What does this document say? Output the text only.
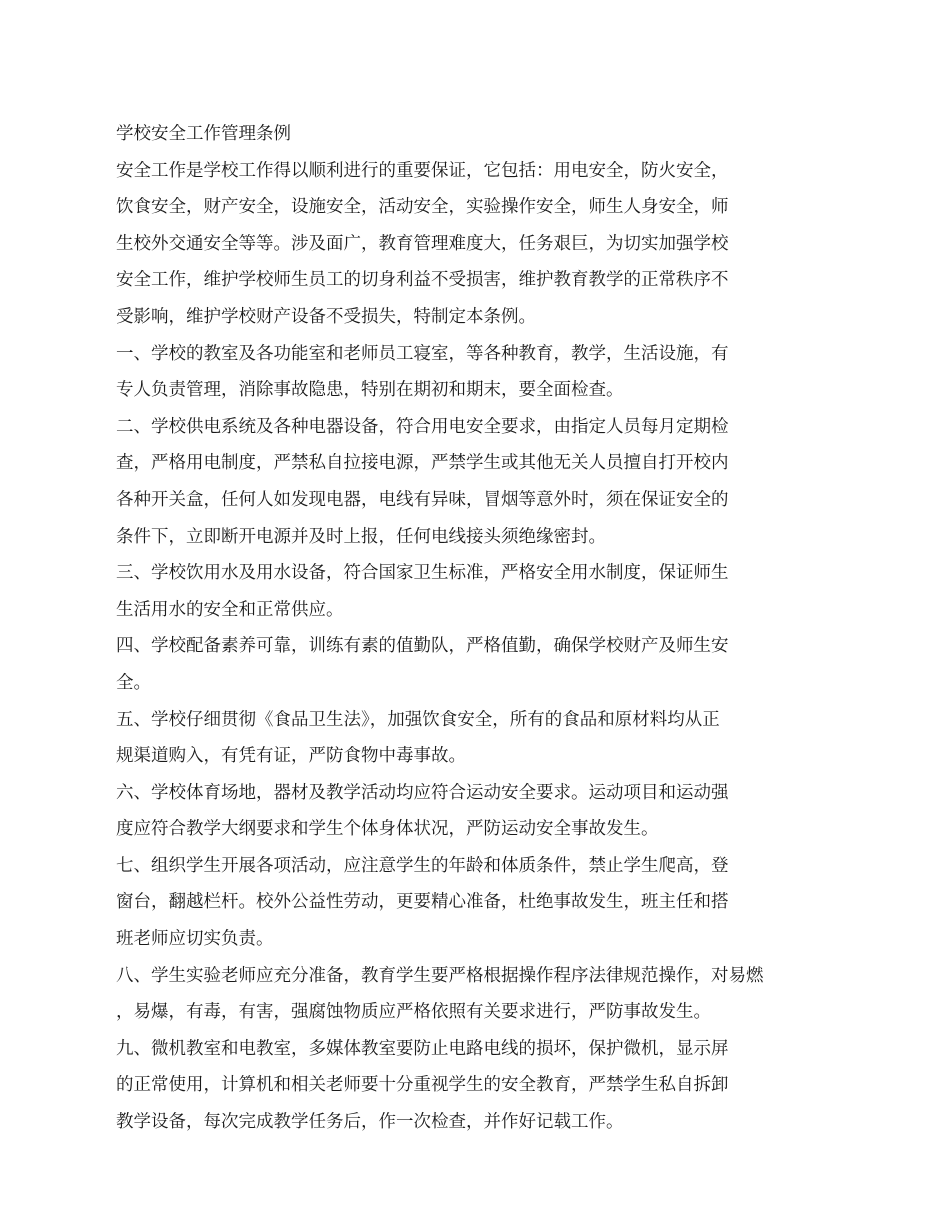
学校安全工作管理条例
安全工作是学校工作得以顺利进行的重要保证，它包括：用电安全，防火安全，
饮食安全，财产安全，设施安全，活动安全，实验操作安全，师生人身安全，师
生校外交通安全等等。涉及面广，教育管理难度大，任务艰巨，为切实加强学校
安全工作，维护学校师生员工的切身利益不受损害，维护教育教学的正常秩序不
受影响，维护学校财产设备不受损失，特制定本条例。
一、学校的教室及各功能室和老师员工寝室，等各种教育，教学，生活设施，有
专人负责管理，消除事故隐患，特别在期初和期末，要全面检查。
二、学校供电系统及各种电器设备，符合用电安全要求，由指定人员每月定期检
查，严格用电制度，严禁私自拉接电源，严禁学生或其他无关人员擅自打开校内
各种开关盒，任何人如发现电器，电线有异味，冒烟等意外时，须在保证安全的
条件下，立即断开电源并及时上报，任何电线接头须绝缘密封。
三、学校饮用水及用水设备，符合国家卫生标准，严格安全用水制度，保证师生
生活用水的安全和正常供应。
四、学校配备素养可靠，训练有素的值勤队，严格值勤，确保学校财产及师生安
全。
五、学校仔细贯彻《食品卫生法》，加强饮食安全，所有的食品和原材料均从正
规渠道购入，有凭有证，严防食物中毒事故。
六、学校体育场地，器材及教学活动均应符合运动安全要求。运动项目和运动强
度应符合教学大纲要求和学生个体身体状况，严防运动安全事故发生。
七、组织学生开展各项活动，应注意学生的年龄和体质条件，禁止学生爬高，登
窗台，翻越栏杆。校外公益性劳动，更要精心准备，杜绝事故发生，班主任和搭
班老师应切实负责。
八、学生实验老师应充分准备，教育学生要严格根据操作程序法律规范操作，对易燃
，易爆，有毒，有害，强腐蚀物质应严格依照有关要求进行，严防事故发生。
九、微机教室和电教室，多媒体教室要防止电路电线的损坏，保护微机，显示屏
的正常使用，计算机和相关老师要十分重视学生的安全教育，严禁学生私自拆卸
教学设备，每次完成教学任务后，作一次检查，并作好记载工作。
